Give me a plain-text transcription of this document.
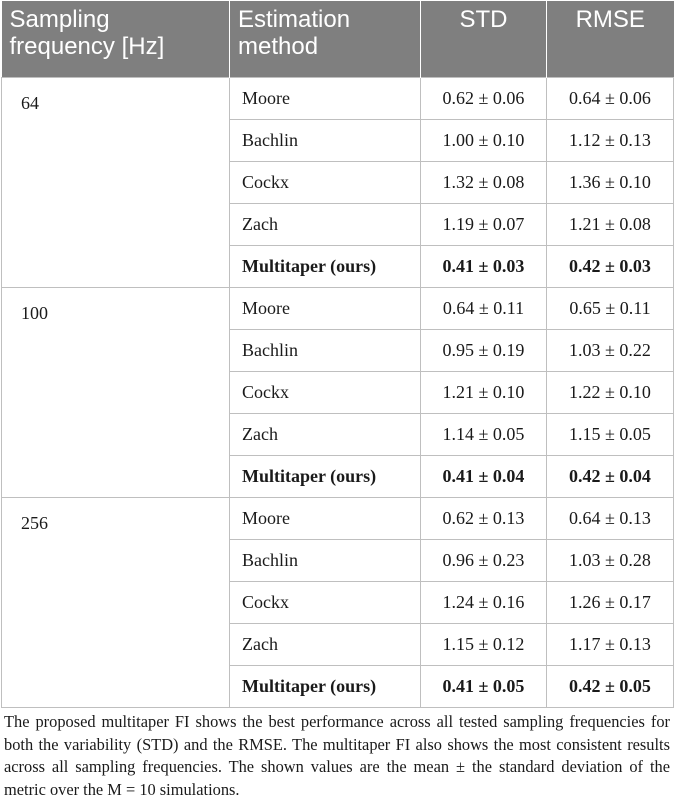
Sampling frequency [Hz]	Estimation method	STD	RMSE
64	Moore	0.62 ± 0.06	0.64 ± 0.06
	Bachlin	1.00 ± 0.10	1.12 ± 0.13
	Cockx	1.32 ± 0.08	1.36 ± 0.10
	Zach	1.19 ± 0.07	1.21 ± 0.08
	Multitaper (ours)	0.41 ± 0.03	0.42 ± 0.03
100	Moore	0.64 ± 0.11	0.65 ± 0.11
	Bachlin	0.95 ± 0.19	1.03 ± 0.22
	Cockx	1.21 ± 0.10	1.22 ± 0.10
	Zach	1.14 ± 0.05	1.15 ± 0.05
	Multitaper (ours)	0.41 ± 0.04	0.42 ± 0.04
256	Moore	0.62 ± 0.13	0.64 ± 0.13
	Bachlin	0.96 ± 0.23	1.03 ± 0.28
	Cockx	1.24 ± 0.16	1.26 ± 0.17
	Zach	1.15 ± 0.12	1.17 ± 0.13
	Multitaper (ours)	0.41 ± 0.05	0.42 ± 0.05

The proposed multitaper FI shows the best performance across all tested sampling frequencies for both the variability (STD) and the RMSE. The multitaper FI also shows the most consistent results across all sampling frequencies. The shown values are the mean ± the standard deviation of the metric over the M = 10 simulations.
